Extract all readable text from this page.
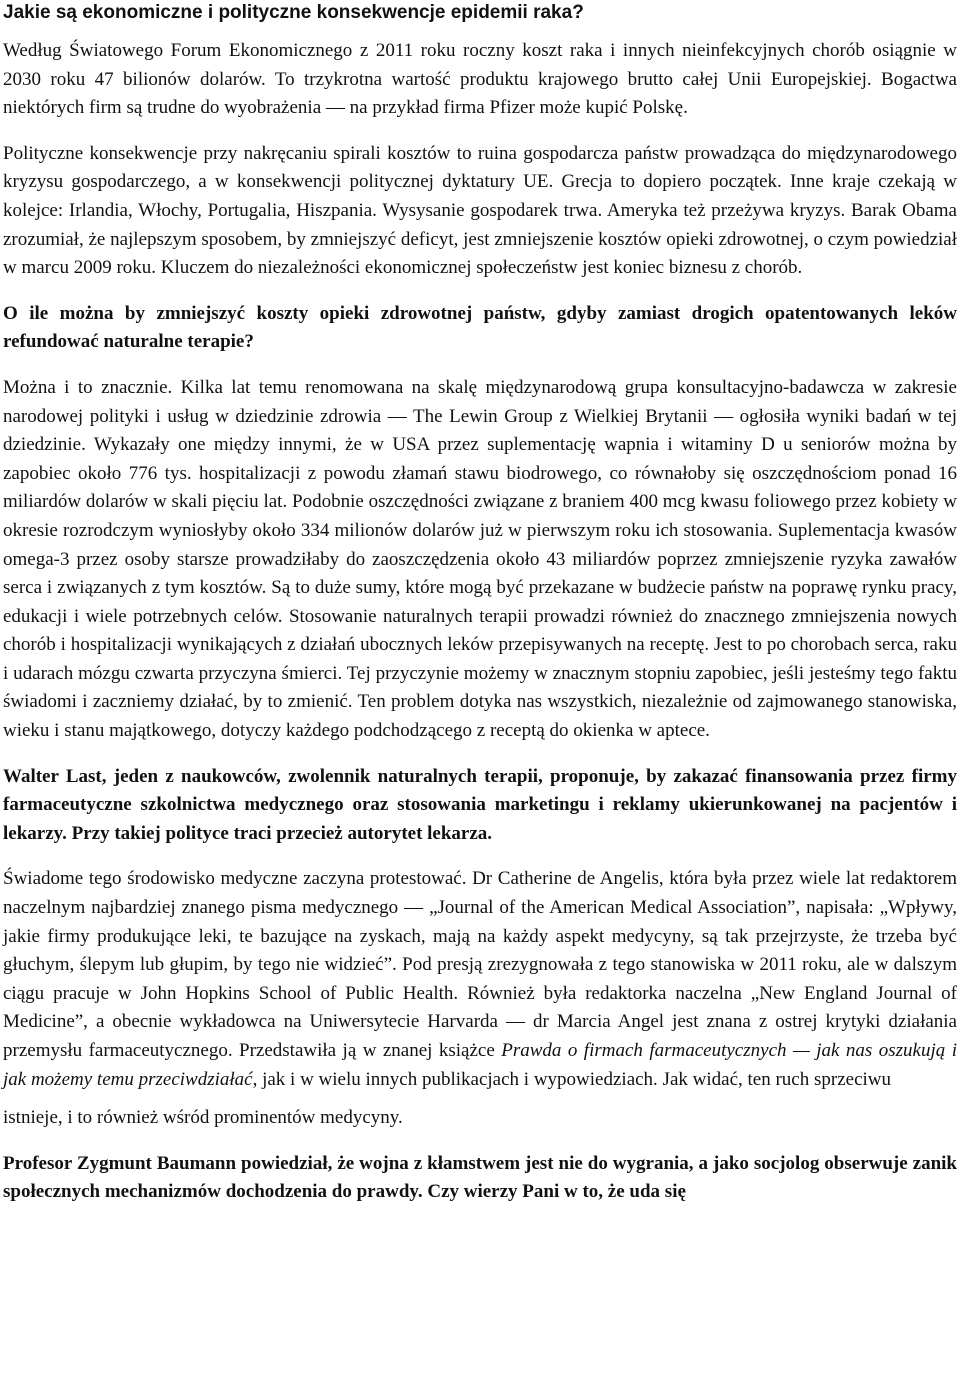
Jakie są ekonomiczne i polityczne konsekwencje epidemii raka?

Według Światowego Forum Ekonomicznego z 2011 roku roczny koszt raka i innych nieinfekcyjnych chorób osiągnie w 2030 roku 47 bilionów dolarów. To trzykrotna wartość produktu krajowego brutto całej Unii Europejskiej. Bogactwa niektórych firm są trudne do wyobrażenia — na przykład firma Pfizer może kupić Polskę.

Polityczne konsekwencje przy nakręcaniu spirali kosztów to ruina gospodarcza państw prowadząca do międzynarodowego kryzysu gospodarczego, a w konsekwencji politycznej dyktatury UE. Grecja to dopiero początek. Inne kraje czekają w kolejce: Irlandia, Włochy, Portugalia, Hiszpania. Wysysanie gospodarek trwa. Ameryka też przeżywa kryzys. Barak Obama zrozumiał, że najlepszym sposobem, by zmniejszyć deficyt, jest zmniejszenie kosztów opieki zdrowotnej, o czym powiedział w marcu 2009 roku. Kluczem do niezależności ekonomicznej społeczeństw jest koniec biznesu z chorób.

O ile można by zmniejszyć koszty opieki zdrowotnej państw, gdyby zamiast drogich opatentowanych leków refundować naturalne terapie?

Można i to znacznie. Kilka lat temu renomowana na skalę międzynarodową grupa konsultacyjno-badawcza w zakresie narodowej polityki i usług w dziedzinie zdrowia — The Lewin Group z Wielkiej Brytanii — ogłosiła wyniki badań w tej dziedzinie. Wykazały one między innymi, że w USA przez suplementację wapnia i witaminy D u seniorów można by zapobiec około 776 tys. hospitalizacji z powodu złamań stawu biodrowego, co równałoby się oszczędnościom ponad 16 miliardów dolarów w skali pięciu lat. Podobnie oszczędności związane z braniem 400 mcg kwasu foliowego przez kobiety w okresie rozrodczym wyniosłyby około 334 milionów dolarów już w pierwszym roku ich stosowania. Suplementacja kwasów omega-3 przez osoby starsze prowadziłaby do zaoszczędzenia około 43 miliardów poprzez zmniejszenie ryzyka zawałów serca i związanych z tym kosztów. Są to duże sumy, które mogą być przekazane w budżecie państw na poprawę rynku pracy, edukacji i wiele potrzebnych celów. Stosowanie naturalnych terapii prowadzi również do znacznego zmniejszenia nowych chorób i hospitalizacji wynikających z działań ubocznych leków przepisywanych na receptę. Jest to po chorobach serca, raku i udarach mózgu czwarta przyczyna śmierci. Tej przyczynie możemy w znacznym stopniu zapobiec, jeśli jesteśmy tego faktu świadomi i zaczniemy działać, by to zmienić. Ten problem dotyka nas wszystkich, niezależnie od zajmowanego stanowiska, wieku i stanu majątkowego, dotyczy każdego podchodzącego z receptą do okienka w aptece.

Walter Last, jeden z naukowców, zwolennik naturalnych terapii, proponuje, by zakazać finansowania przez firmy farmaceutyczne szkolnictwa medycznego oraz stosowania marketingu i reklamy ukierunkowanej na pacjentów i lekarzy. Przy takiej polityce traci przecież autorytet lekarza.

Świadome tego środowisko medyczne zaczyna protestować. Dr Catherine de Angelis, która była przez wiele lat redaktorem naczelnym najbardziej znanego pisma medycznego — „Journal of the American Medical Association”, napisała: „Wpływy, jakie firmy produkujące leki, te bazujące na zyskach, mają na każdy aspekt medycyny, są tak przejrzyste, że trzeba być głuchym, ślepym lub głupim, by tego nie widzieć”. Pod presją zrezygnowała z tego stanowiska w 2011 roku, ale w dalszym ciągu pracuje w John Hopkins School of Public Health. Również była redaktorka naczelna „New England Journal of Medicine”, a obecnie wykładowca na Uniwersytecie Harvarda — dr Marcia Angel jest znana z ostrej krytyki działania przemysłu farmaceutycznego. Przedstawiła ją w znanej książce Prawda o firmach farmaceutycznych — jak nas oszukują i jak możemy temu przeciwdziałać, jak i w wielu innych publikacjach i wypowiedziach. Jak widać, ten ruch sprzeciwu

istnieje, i to również wśród prominentów medycyny.

Profesor Zygmunt Baumann powiedział, że wojna z kłamstwem jest nie do wygrania, a jako socjolog obserwuje zanik społecznych mechanizmów dochodzenia do prawdy. Czy wierzy Pani w to, że uda się
